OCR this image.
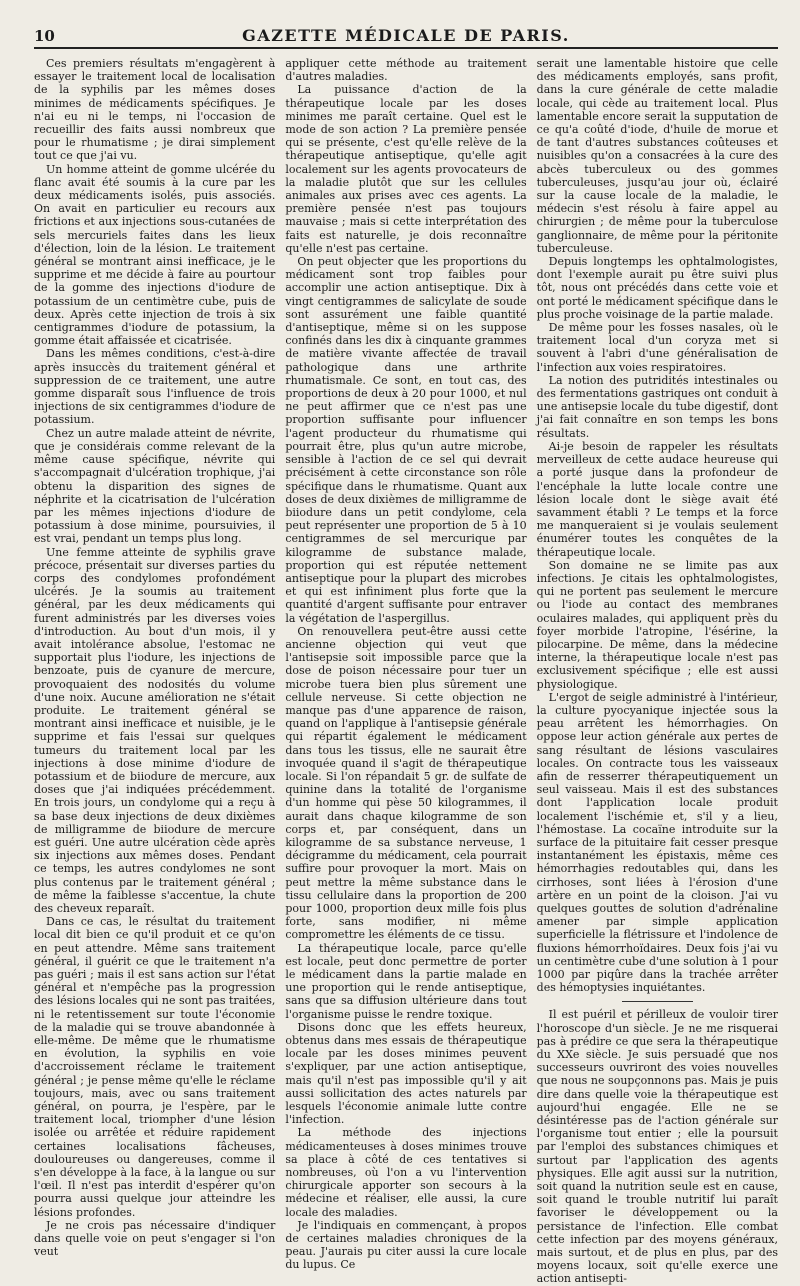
10	GAZETTE MÉDICALE DE PARIS.

Ces premiers résultats m'engagèrent à essayer le traitement local de localisation de la syphilis par les mêmes doses minimes de médicaments spécifiques. Je n'ai eu ni le temps, ni l'occasion de recueillir des faits aussi nombreux que pour le rhumatisme ; je dirai simplement tout ce que j'ai vu.

Un homme atteint de gomme ulcérée du flanc avait été soumis à la cure par les deux médicaments isolés, puis associés. On avait en particulier eu recours aux frictions et aux injections sous-cutanées de sels mercuriels faites dans les lieux d'élection, loin de la lésion. Le traitement général se montrant ainsi inefficace, je le supprime et me décide à faire au pourtour de la gomme des injections d'iodure de potassium de un centimètre cube, puis de deux. Après cette injection de trois à six centigrammes d'iodure de potassium, la gomme était affaissée et cicatrisée.

Dans les mêmes conditions, c'est-à-dire après insuccès du traitement général et suppression de ce traitement, une autre gomme disparaît sous l'influence de trois injections de six centigrammes d'iodure de potassium.

Chez un autre malade atteint de névrite, que je considérais comme relevant de la même cause spécifique, névrite qui s'accompagnait d'ulcération trophique, j'ai obtenu la disparition des signes de néphrite et la cicatrisation de l'ulcération par les mêmes injections d'iodure de potassium à dose minime, poursuivies, il est vrai, pendant un temps plus long.

Une femme atteinte de syphilis grave précoce, présentait sur diverses parties du corps des condylomes profondément ulcérés. Je la soumis au traitement général, par les deux médicaments qui furent administrés par les diverses voies d'introduction. Au bout d'un mois, il y avait intolérance absolue, l'estomac ne supportait plus l'iodure, les injections de benzoate, puis de cyanure de mercure, provoquaient des nodosités du volume d'une noix. Aucune amélioration ne s'était produite. Le traitement général se montrant ainsi inefficace et nuisible, je le supprime et fais l'essai sur quelques tumeurs du traitement local par les injections à dose minime d'iodure de potassium et de biiodure de mercure, aux doses que j'ai indiquées précédemment. En trois jours, un condylome qui a reçu à sa base deux injections de deux dixièmes de milligramme de biiodure de mercure est guéri. Une autre ulcération cède après six injections aux mêmes doses. Pendant ce temps, les autres condylomes ne sont plus contenus par le traitement général ; de même la faiblesse s'accentue, la chute des cheveux reparaît.

Dans ce cas, le résultat du traitement local dit bien ce qu'il produit et ce qu'on en peut attendre. Même sans traitement général, il guérit ce que le traitement n'a pas guéri ; mais il est sans action sur l'état général et n'empêche pas la progression des lésions locales qui ne sont pas traitées, ni le retentissement sur toute l'économie de la maladie qui se trouve abandonnée à elle-même. De même que le rhumatisme en évolution, la syphilis en voie d'accroissement réclame le traitement général ; je pense même qu'elle le réclame toujours, mais, avec ou sans traitement général, on pourra, je l'espère, par le traitement local, triompher d'une lésion isolée ou arrêtée et réduire rapidement certaines localisations fâcheuses, douloureuses ou dangereuses, comme il s'en développe à la face, à la langue ou sur l'œil. Il n'est pas interdit d'espérer qu'on pourra aussi quelque jour atteindre les lésions profondes.

Je ne crois pas nécessaire d'indiquer dans quelle voie on peut s'engager si l'on veut

appliquer cette méthode au traitement d'autres maladies.

La puissance d'action de la thérapeutique locale par les doses minimes me paraît certaine. Quel est le mode de son action ? La première pensée qui se présente, c'est qu'elle relève de la thérapeutique antiseptique, qu'elle agit localement sur les agents provocateurs de la maladie plutôt que sur les cellules animales aux prises avec ces agents. La première pensée n'est pas toujours mauvaise ; mais si cette interprétation des faits est naturelle, je dois reconnaître qu'elle n'est pas certaine.

On peut objecter que les proportions du médicament sont trop faibles pour accomplir une action antiseptique. Dix à vingt centigrammes de salicylate de soude sont assurément une faible quantité d'antiseptique, même si on les suppose confinés dans les dix à cinquante grammes de matière vivante affectée de travail pathologique dans une arthrite rhumatismale. Ce sont, en tout cas, des proportions de deux à 20 pour 1000, et nul ne peut affirmer que ce n'est pas une proportion suffisante pour influencer l'agent producteur du rhumatisme qui pourrait être, plus qu'un autre microbe, sensible à l'action de ce sel qui devrait précisément à cette circonstance son rôle spécifique dans le rhumatisme. Quant aux doses de deux dixièmes de milligramme de biiodure dans un petit condylome, cela peut représenter une proportion de 5 à 10 centigrammes de sel mercurique par kilogramme de substance malade, proportion qui est réputée nettement antiseptique pour la plupart des microbes et qui est infiniment plus forte que la quantité d'argent suffisante pour entraver la végétation de l'aspergillus.

On renouvellera peut-être aussi cette ancienne objection qui veut que l'antisepsie soit impossible parce que la dose de poison nécessaire pour tuer un microbe tuera bien plus sûrement une cellule nerveuse. Si cette objection ne manque pas d'une apparence de raison, quand on l'applique à l'antisepsie générale qui répartit également le médicament dans tous les tissus, elle ne saurait être invoquée quand il s'agit de thérapeutique locale. Si l'on répandait 5 gr. de sulfate de quinine dans la totalité de l'organisme d'un homme qui pèse 50 kilogrammes, il aurait dans chaque kilogramme de son corps et, par conséquent, dans un kilogramme de sa substance nerveuse, 1 décigramme du médicament, cela pourrait suffire pour provoquer la mort. Mais on peut mettre la même substance dans le tissu cellulaire dans la proportion de 200 pour 1000, proportion deux mille fois plus forte, sans modifier, ni même compromettre les éléments de ce tissu.

La thérapeutique locale, parce qu'elle est locale, peut donc permettre de porter le médicament dans la partie malade en une proportion qui le rende antiseptique, sans que sa diffusion ultérieure dans tout l'organisme puisse le rendre toxique.

Disons donc que les effets heureux, obtenus dans mes essais de thérapeutique locale par les doses minimes peuvent s'expliquer, par une action antiseptique, mais qu'il n'est pas impossible qu'il y ait aussi sollicitation des actes naturels par lesquels l'économie animale lutte contre l'infection.

La méthode des injections médicamenteuses à doses minimes trouve sa place à côté de ces tentatives si nombreuses, où l'on a vu l'intervention chirurgicale apporter son secours à la médecine et réaliser, elle aussi, la cure locale des maladies.

Je l'indiquais en commençant, à propos de certaines maladies chroniques de la peau. J'aurais pu citer aussi la cure locale du lupus. Ce

serait une lamentable histoire que celle des médicaments employés, sans profit, dans la cure générale de cette maladie locale, qui cède au traitement local. Plus lamentable encore serait la supputation de ce qu'a coûté d'iode, d'huile de morue et de tant d'autres substances coûteuses et nuisibles qu'on a consacrées à la cure des abcès tuberculeux ou des gommes tuberculeuses, jusqu'au jour où, éclairé sur la cause locale de la maladie, le médecin s'est résolu à faire appel au chirurgien ; de même pour la tuberculose ganglionnaire, de même pour la péritonite tuberculeuse.

Depuis longtemps les ophtalmologistes, dont l'exemple aurait pu être suivi plus tôt, nous ont précédés dans cette voie et ont porté le médicament spécifique dans le plus proche voisinage de la partie malade.

De même pour les fosses nasales, où le traitement local d'un coryza met si souvent à l'abri d'une généralisation de l'infection aux voies respiratoires.

La notion des putridités intestinales ou des fermentations gastriques ont conduit à une antisepsie locale du tube digestif, dont j'ai fait connaître en son temps les bons résultats.

Ai-je besoin de rappeler les résultats merveilleux de cette audace heureuse qui a porté jusque dans la profondeur de l'encéphale la lutte locale contre une lésion locale dont le siège avait été savamment établi ? Le temps et la force me manqueraient si je voulais seulement énumérer toutes les conquêtes de la thérapeutique locale.

Son domaine ne se limite pas aux infections. Je citais les ophtalmologistes, qui ne portent pas seulement le mercure ou l'iode au contact des membranes oculaires malades, qui appliquent près du foyer morbide l'atropine, l'ésérine, la pilocarpine. De même, dans la médecine interne, la thérapeutique locale n'est pas exclusivement spécifique ; elle est aussi physiologique.

L'ergot de seigle administré à l'intérieur, la culture pyocyanique injectée sous la peau arrêtent les hémorrhagies. On oppose leur action générale aux pertes de sang résultant de lésions vasculaires locales. On contracte tous les vaisseaux afin de resserrer thérapeutiquement un seul vaisseau. Mais il est des substances dont l'application locale produit localement l'ischémie et, s'il y a lieu, l'hémostase. La cocaïne introduite sur la surface de la pituitaire fait cesser presque instantanément les épistaxis, même ces hémorrhagies redoutables qui, dans les cirrhoses, sont liées à l'érosion d'une artère en un point de la cloison. J'ai vu quelques gouttes de solution d'adrénaline amener par simple application superficielle la flétrissure et l'indolence de fluxions hémorrhoïdaires. Deux fois j'ai vu un centimètre cube d'une solution à 1 pour 1000 par piqûre dans la trachée arrêter des hémoptysies inquiétantes.

Il est puéril et périlleux de vouloir tirer l'horoscope d'un siècle. Je ne me risquerai pas à prédire ce que sera la thérapeutique du XXe siècle. Je suis persuadé que nos successeurs ouvriront des voies nouvelles que nous ne soupçonnons pas. Mais je puis dire dans quelle voie la thérapeutique est aujourd'hui engagée. Elle ne se désintéresse pas de l'action générale sur l'organisme tout entier ; elle la poursuit par l'emploi des substances chimiques et surtout par l'application des agents physiques. Elle agit aussi sur la nutrition, soit quand la nutrition seule est en cause, soit quand le trouble nutritif lui paraît favoriser le développement ou la persistance de l'infection. Elle combat cette infection par des moyens généraux, mais surtout, et de plus en plus, par des moyens locaux, soit qu'elle exerce une action antisepti-
